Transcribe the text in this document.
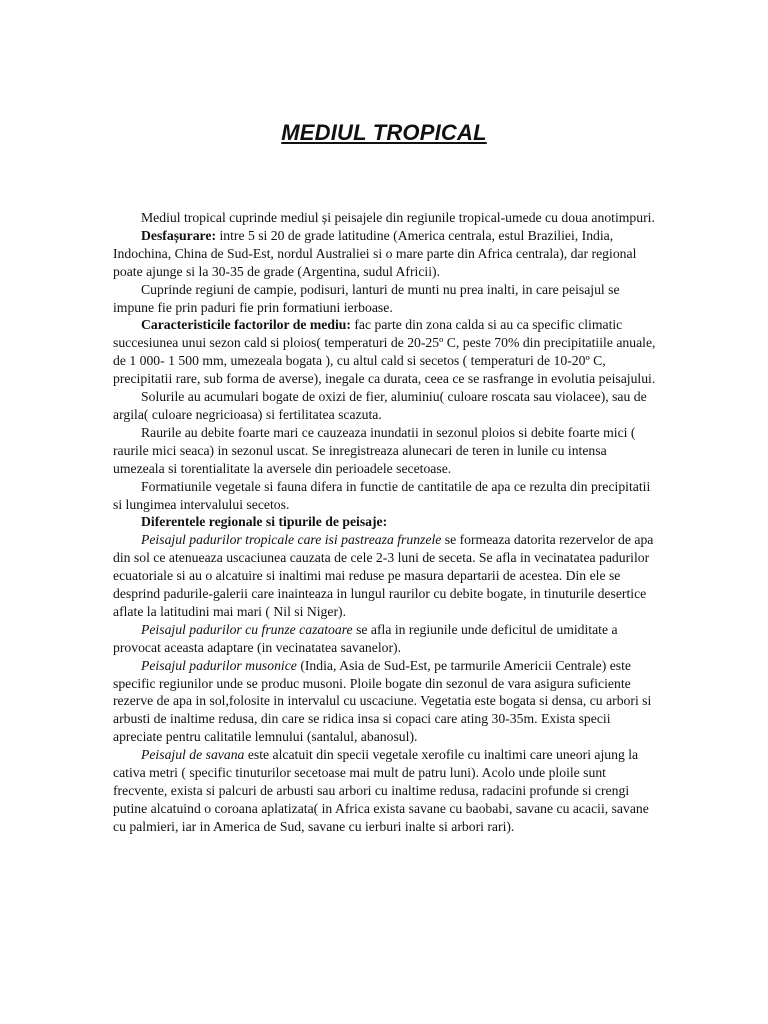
MEDIUL TROPICAL

Mediul tropical cuprinde mediul și peisajele din regiunile tropical-umede cu doua anotimpuri.

Desfașurare: intre 5 si 20 de grade latitudine (America centrala, estul Braziliei, India, Indochina, China de Sud-Est, nordul Australiei si o mare parte din Africa centrala), dar regional poate ajunge si la 30-35 de grade (Argentina, sudul Africii).

Cuprinde regiuni de campie, podisuri, lanturi de munti nu prea inalti, in care peisajul se impune fie prin paduri fie prin formatiuni ierboase.

Caracteristicile factorilor de mediu: fac parte din zona calda si au ca specific climatic succesiunea unui sezon cald si ploios( temperaturi de 20-25º C, peste 70% din precipitatiile anuale, de 1 000- 1 500 mm, umezeala bogata ), cu altul cald si secetos ( temperaturi de 10-20º C, precipitatii rare, sub forma de averse), inegale ca durata, ceea ce se rasfrange in evolutia peisajului.

Solurile au acumulari bogate de oxizi de fier, aluminiu( culoare roscata sau violacee), sau de argila( culoare negricioasa) si fertilitatea scazuta.

Raurile au debite foarte mari ce cauzeaza inundatii in sezonul ploios si debite foarte mici ( raurile mici seaca) in sezonul uscat. Se inregistreaza alunecari de teren in lunile cu intensa umezeala si torentialitate la aversele din perioadele secetoase.

Formatiunile vegetale si fauna difera in functie de cantitatile de apa ce rezulta din precipitatii si lungimea intervalului secetos.

Diferentele regionale si tipurile de peisaje:

Peisajul padurilor tropicale care isi pastreaza frunzele se formeaza datorita rezervelor de apa din sol ce atenueaza uscaciunea cauzata de cele 2-3 luni de seceta. Se afla in vecinatatea padurilor ecuatoriale si au o alcatuire si inaltimi mai reduse pe masura departarii de acestea. Din ele se desprind padurile-galerii care inainteaza in lungul raurilor cu debite bogate, in tinuturile desertice aflate la latitudini mai mari ( Nil si Niger).

Peisajul padurilor cu frunze cazatoare se afla in regiunile unde deficitul de umiditate a provocat aceasta adaptare (in vecinatatea savanelor).

Peisajul padurilor musonice (India, Asia de Sud-Est, pe tarmurile Americii Centrale) este specific regiunilor unde se produc musoni. Ploile bogate din sezonul de vara asigura suficiente rezerve de apa in sol,folosite in intervalul cu uscaciune. Vegetatia este bogata si densa, cu arbori si arbusti de inaltime redusa, din care se ridica insa si copaci care ating 30-35m. Exista specii apreciate pentru calitatile lemnului (santalul, abanosul).

Peisajul de savana este alcatuit din specii vegetale xerofile cu inaltimi care uneori ajung la cativa metri ( specific tinuturilor secetoase mai mult de patru luni). Acolo unde ploile sunt frecvente, exista si palcuri de arbusti sau arbori cu inaltime redusa, radacini profunde si crengi putine alcatuind o coroana aplatizata( in Africa exista savane cu baobabi, savane cu acacii, savane cu palmieri, iar in America de Sud, savane cu ierburi inalte si arbori rari).
